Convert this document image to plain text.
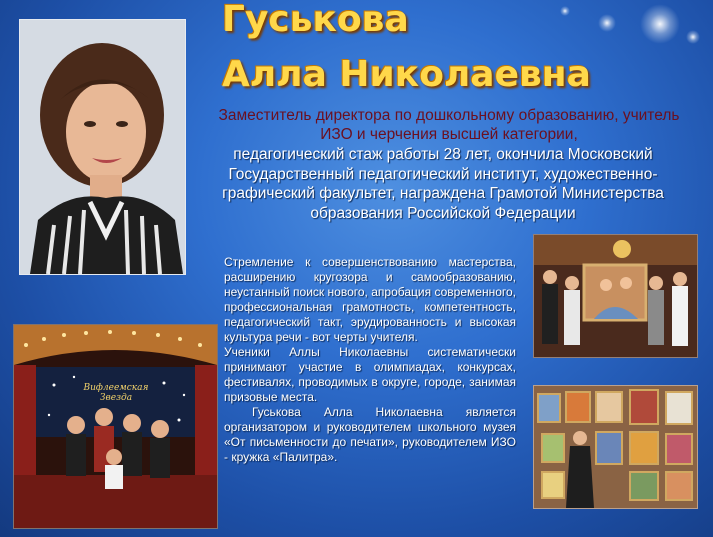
Гуськова
Алла Николаевна
Заместитель директора по дошкольному образованию, учитель ИЗО и черчения высшей категории,
педагогический стаж работы 28 лет, окончила Московский Государственный педагогический институт, художественно-графический факультет, награждена Грамотой Министерства образования Российской Федерации
Вифлеемская Звезда

Стремление к совершенствованию мастерства, расширению кругозора и самообразованию, неустанный поиск нового, апробация современного, профессиональная грамотность, компетентность, педагогический такт, эрудированность и высокая культура речи - вот черты учителя.

Ученики Аллы Николаевны систематически принимают участие в олимпиадах, конкурсах, фестивалях, проводимых в округе, городе, занимая призовые места.

Гуськова Алла Николаевна является организатором и руководителем школьного музея «От письменности до печати», руководителем ИЗО - кружка «Палитра».
